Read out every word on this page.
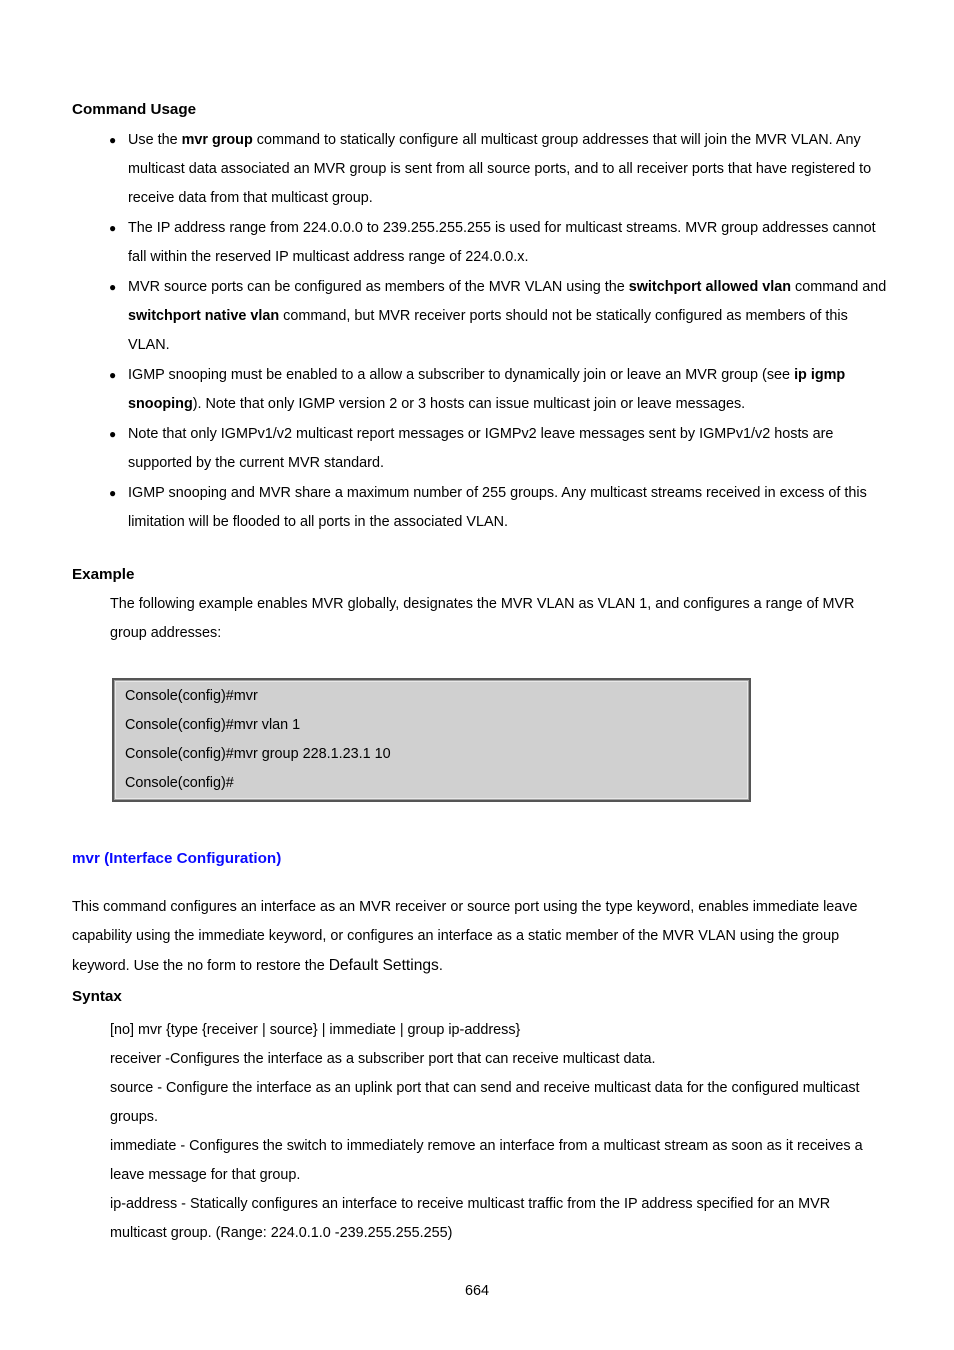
Command Usage
● Use the mvr group command to statically configure all multicast group addresses that will join the MVR VLAN. Any multicast data associated an MVR group is sent from all source ports, and to all receiver ports that have registered to receive data from that multicast group.
● The IP address range from 224.0.0.0 to 239.255.255.255 is used for multicast streams. MVR group addresses cannot fall within the reserved IP multicast address range of 224.0.0.x.
● MVR source ports can be configured as members of the MVR VLAN using the switchport allowed vlan command and switchport native vlan command, but MVR receiver ports should not be statically configured as members of this VLAN.
● IGMP snooping must be enabled to a allow a subscriber to dynamically join or leave an MVR group (see ip igmp snooping). Note that only IGMP version 2 or 3 hosts can issue multicast join or leave messages.
● Note that only IGMPv1/v2 multicast report messages or IGMPv2 leave messages sent by IGMPv1/v2 hosts are supported by the current MVR standard.
● IGMP snooping and MVR share a maximum number of 255 groups. Any multicast streams received in excess of this limitation will be flooded to all ports in the associated VLAN.
Example
The following example enables MVR globally, designates the MVR VLAN as VLAN 1, and configures a range of MVR group addresses:
Console(config)#mvr
Console(config)#mvr vlan 1
Console(config)#mvr group 228.1.23.1 10
Console(config)#
mvr (Interface Configuration)
This command configures an interface as an MVR receiver or source port using the type keyword, enables immediate leave capability using the immediate keyword, or configures an interface as a static member of the MVR VLAN using the group keyword. Use the no form to restore the Default Settings.
Syntax
[no] mvr {type {receiver | source} | immediate | group ip-address}
receiver -Configures the interface as a subscriber port that can receive multicast data.
source - Configure the interface as an uplink port that can send and receive multicast data for the configured multicast groups.
immediate - Configures the switch to immediately remove an interface from a multicast stream as soon as it receives a leave message for that group.
ip-address - Statically configures an interface to receive multicast traffic from the IP address specified for an MVR multicast group. (Range: 224.0.1.0 -239.255.255.255)
664
